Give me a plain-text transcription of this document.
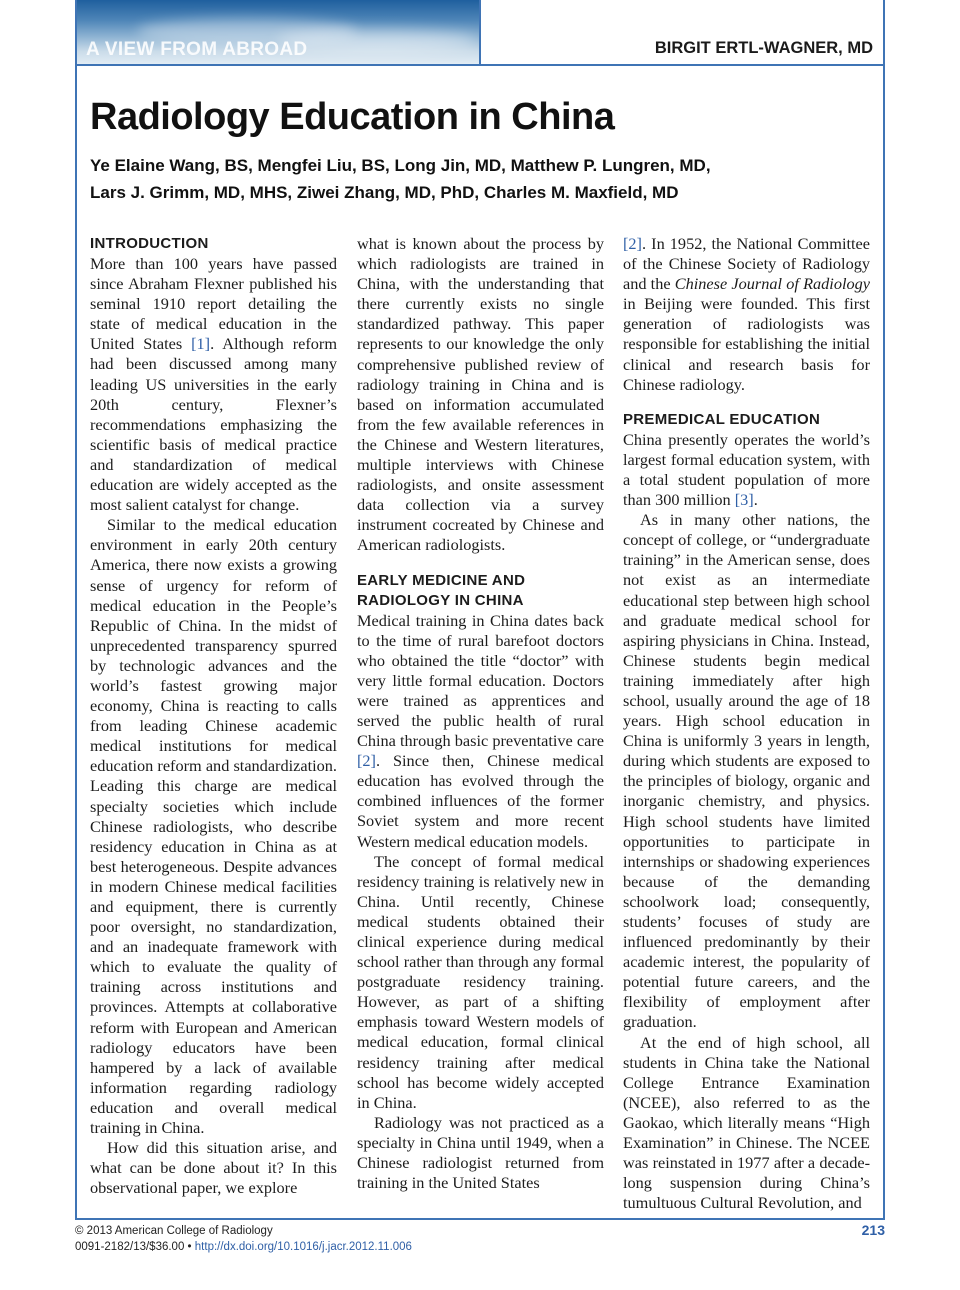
A VIEW FROM ABROAD	BIRGIT ERTL-WAGNER, MD
Radiology Education in China
Ye Elaine Wang, BS, Mengfei Liu, BS, Long Jin, MD, Matthew P. Lungren, MD,
Lars J. Grimm, MD, MHS, Ziwei Zhang, MD, PhD, Charles M. Maxfield, MD
INTRODUCTION

More than 100 years have passed since Abraham Flexner published his seminal 1910 report detailing the state of medical education in the United States [1]. Although reform had been discussed among many leading US universities in the early 20th century, Flexner’s recommendations emphasizing the scientific basis of medical practice and standardization of medical education are widely accepted as the most salient catalyst for change.

Similar to the medical education environment in early 20th century America, there now exists a growing sense of urgency for reform of medical education in the People’s Republic of China. In the midst of unprecedented transparency spurred by technologic advances and the world’s fastest growing major economy, China is reacting to calls from leading Chinese academic medical institutions for medical education reform and standardization. Leading this charge are medical specialty societies which include Chinese radiologists, who describe residency education in China as at best heterogeneous. Despite advances in modern Chinese medical facilities and equipment, there is currently poor oversight, no standardization, and an inadequate framework with which to evaluate the quality of training across institutions and provinces. Attempts at collaborative reform with European and American radiology educators have been hampered by a lack of available information regarding radiology education and overall medical training in China.

How did this situation arise, and what can be done about it? In this observational paper, we explore

what is known about the process by which radiologists are trained in China, with the understanding that there currently exists no single standardized pathway. This paper represents to our knowledge the only comprehensive published review of radiology training in China and is based on information accumulated from the few available references in the Chinese and Western literatures, multiple interviews with Chinese radiologists, and onsite assessment data collection via a survey instrument cocreated by Chinese and American radiologists.

EARLY MEDICINE AND
RADIOLOGY IN CHINA

Medical training in China dates back to the time of rural barefoot doctors who obtained the title “doctor” with very little formal education. Doctors were trained as apprentices and served the public health of rural China through basic preventative care [2]. Since then, Chinese medical education has evolved through the combined influences of the former Soviet system and more recent Western medical education models.

The concept of formal medical residency training is relatively new in China. Until recently, Chinese medical students obtained their clinical experience during medical school rather than through any formal postgraduate residency training. However, as part of a shifting emphasis toward Western models of medical education, formal clinical residency training after medical school has become widely accepted in China.

Radiology was not practiced as a specialty in China until 1949, when a Chinese radiologist returned from training in the United States

[2]. In 1952, the National Committee of the Chinese Society of Radiology and the Chinese Journal of Radiology in Beijing were founded. This first generation of radiologists was responsible for establishing the initial clinical and research basis for Chinese radiology.

PREMEDICAL EDUCATION

China presently operates the world’s largest formal education system, with a total student population of more than 300 million [3].

As in many other nations, the concept of college, or “undergraduate training” in the American sense, does not exist as an intermediate educational step between high school and graduate medical school for aspiring physicians in China. Instead, Chinese students begin medical training immediately after high school, usually around the age of 18 years. High school education in China is uniformly 3 years in length, during which students are exposed to the principles of biology, organic and inorganic chemistry, and physics. High school students have limited opportunities to participate in internships or shadowing experiences because of the demanding schoolwork load; consequently, students’ focuses of study are influenced predominantly by their academic interest, the popularity of potential future careers, and the flexibility of employment after graduation.

At the end of high school, all students in China take the National College Entrance Examination (NCEE), also referred to as the Gaokao, which literally means “High Examination” in Chinese. The NCEE was reinstated in 1977 after a decade-long suspension during China’s tumultuous Cultural Revolution, and

© 2013 American College of Radiology
0091-2182/13/$36.00 • http://dx.doi.org/10.1016/j.jacr.2012.11.006
213
